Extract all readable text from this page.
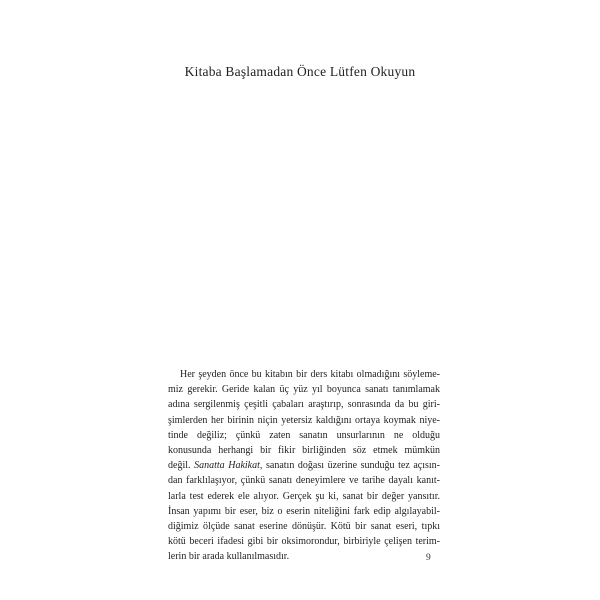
Kitaba Başlamadan Önce Lütfen Okuyun
Her şeyden önce bu kitabın bir ders kitabı olmadığını söyleme-
miz gerekir. Geride kalan üç yüz yıl boyunca sanatı tanımlamak
adına sergilenmiş çeşitli çabaları araştırıp, sonrasında da bu giri-
şimlerden her birinin niçin yetersiz kaldığını ortaya koymak niye-
tinde değiliz; çünkü zaten sanatın unsurlarının ne olduğu
konusunda herhangi bir fikir birliğinden söz etmek mümkün
değil. Sanatta Hakikat, sanatın doğası üzerine sunduğu tez açısın-
dan farklılaşıyor, çünkü sanatı deneyimlere ve tarihe dayalı kanıt-
larla test ederek ele alıyor. Gerçek şu ki, sanat bir değer yansıtır.
İnsan yapımı bir eser, biz o eserin niteliğini fark edip algılayabil-
diğimiz ölçüde sanat eserine dönüşür. Kötü bir sanat eseri, tıpkı
kötü beceri ifadesi gibi bir oksimorondur, birbiriyle çelişen terim-
lerin bir arada kullanılmasıdır.	9
